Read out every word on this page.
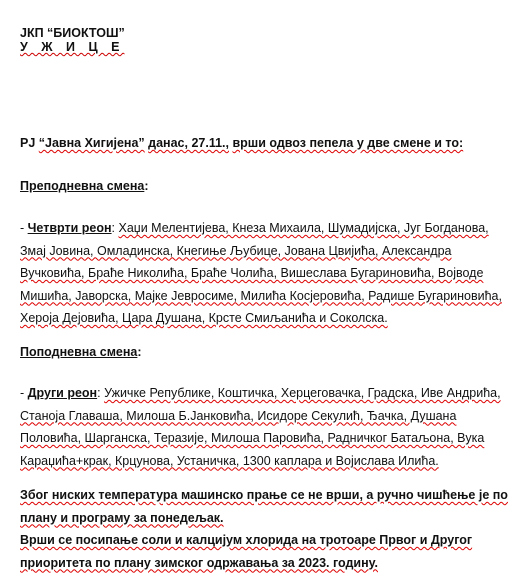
ЈКП “БИОКТОШ”
У Ж И Ц Е
РЈ “Јавна Хигијена” данас, 27.11., врши одвоз пепела у две смене и то:
Преподневна смена:
- Четврти реон: Хаџи Мелентијева, Кнеза Михаила, Шумадијска, Југ Богданова, Змај Јовина, Омладинска, Кнегиње Љубице, Јована Цвијића, Александра Вучковића, Браће Николића, Браће Чолића, Вишеслава Бугариновића, Војводе Мишића, Јаворска, Мајке Јевросиме, Милића Косјеровића, Радише Бугариновића, Хероја Дејовића, Цара Душана, Крсте Смиљанића и Соколска.
Поподневна смена:
- Други реон: Ужичке Републике, Коштичка, Херцеговачка, Градска, Иве Андрића, Станоја Главаша, Милоша Б.Јанковића, Исидоре Секулић, Ђачка, Душана Половића, Шарганска, Теразије, Милоша Паровића, Радничког Батаљона, Вука Караџића+крак, Крцунова, Устаничка, 1300 каплара и Војислава Илића.
Због ниских температура машинско прање се не врши, а ручно чишћење је по плану и програму за понедељак.
Врши се посипање соли и калцијум хлорида на тротоаре Првог и Другог приоритета по плану зимског одржавања за 2023. годину.
